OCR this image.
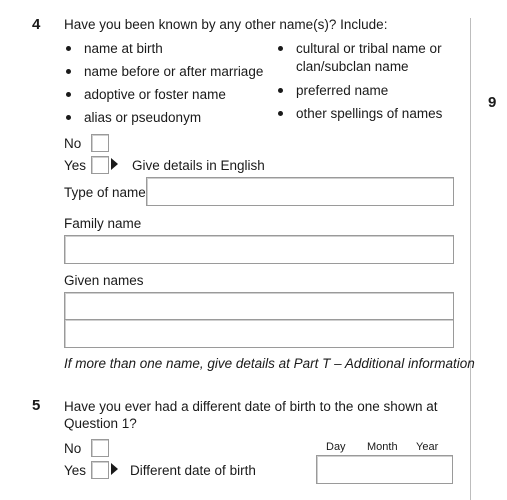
9
4 Have you been known by any other name(s)? Include:
name at birth
name before or after marriage
adoptive or foster name
alias or pseudonym
cultural or tribal name or
clan/subclan name
preferred name
other spellings of names
No
Yes	Give details in English
Type of name
Family name
Given names
If more than one name, give details at Part T – Additional information
5 Have you ever had a different date of birth to the one shown at
Question 1?
No
Yes	Different date of birth
Day Month Year
